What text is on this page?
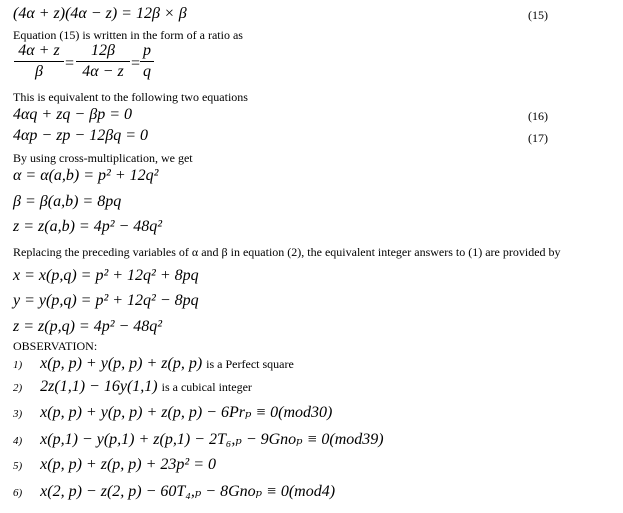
(4α + z)(4α − z) = 12β × β	(15)
Equation (15) is written in the form of a ratio as
4α + z
β	=
12β
4α − z =
p
q
This is equivalent to the following two equations
4αq + zq − βp = 0	(16)
4αp − zp − 12βq = 0	(17)
By using cross-multiplication, we get
α = α(a,b) = p² + 12q²
β = β(a,b) = 8pq
z = z(a,b) = 4p² − 48q²
Replacing the preceding variables of α and β in equation (2), the equivalent integer answers to (1) are provided by
x = x(p,q) = p² + 12q² + 8pq
y = y(p,q) = p² + 12q² − 8pq
z = z(p,q) = 4p² − 48q²
OBSERVATION:
1) x(p, p) + y(p, p) + z(p, p) is a Perfect square
2) 2z(1,1) − 16y(1,1) is a cubical integer
3) x(p, p) + y(p, p) + z(p, p) − 6Prₚ ≡ 0(mod30)
4) x(p,1) − y(p,1) + z(p,1) − 2T₆,ₚ − 9Gnoₚ ≡ 0(mod39)
5) x(p, p) + z(p, p) + 23p² = 0
6) x(2, p) − z(2, p) − 60T₄,ₚ − 8Gnoₚ ≡ 0(mod4)
